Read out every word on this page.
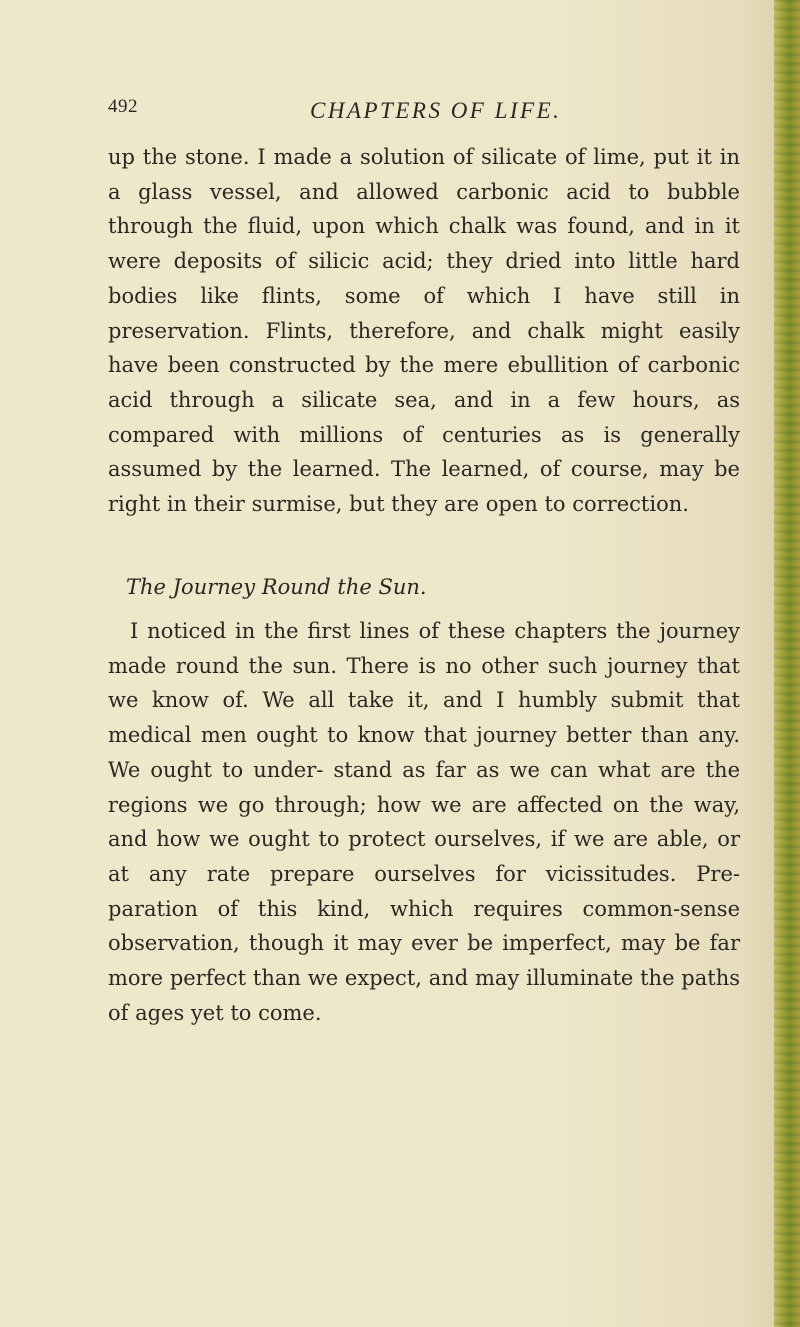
492	CHAPTERS OF LIFE.

up the stone. I made a solution of silicate of lime, put it in a glass vessel, and allowed carbonic acid to bubble through the fluid, upon which chalk was found, and in it were deposits of silicic acid; they dried into little hard bodies like flints, some of which I have still in preservation. Flints, therefore, and chalk might easily have been constructed by the mere ebullition of carbonic acid through a silicate sea, and in a few hours, as compared with millions of centuries as is generally assumed by the learned. The learned, of course, may be right in their surmise, but they are open to correction.

The Journey Round the Sun.

I noticed in the first lines of these chapters the journey made round the sun. There is no other such journey that we know of. We all take it, and I humbly submit that medical men ought to know that journey better than any. We ought to under- stand as far as we can what are the regions we go through; how we are affected on the way, and how we ought to protect ourselves, if we are able, or at any rate prepare ourselves for vicissitudes. Pre- paration of this kind, which requires common-sense observation, though it may ever be imperfect, may be far more perfect than we expect, and may illuminate the paths of ages yet to come.
